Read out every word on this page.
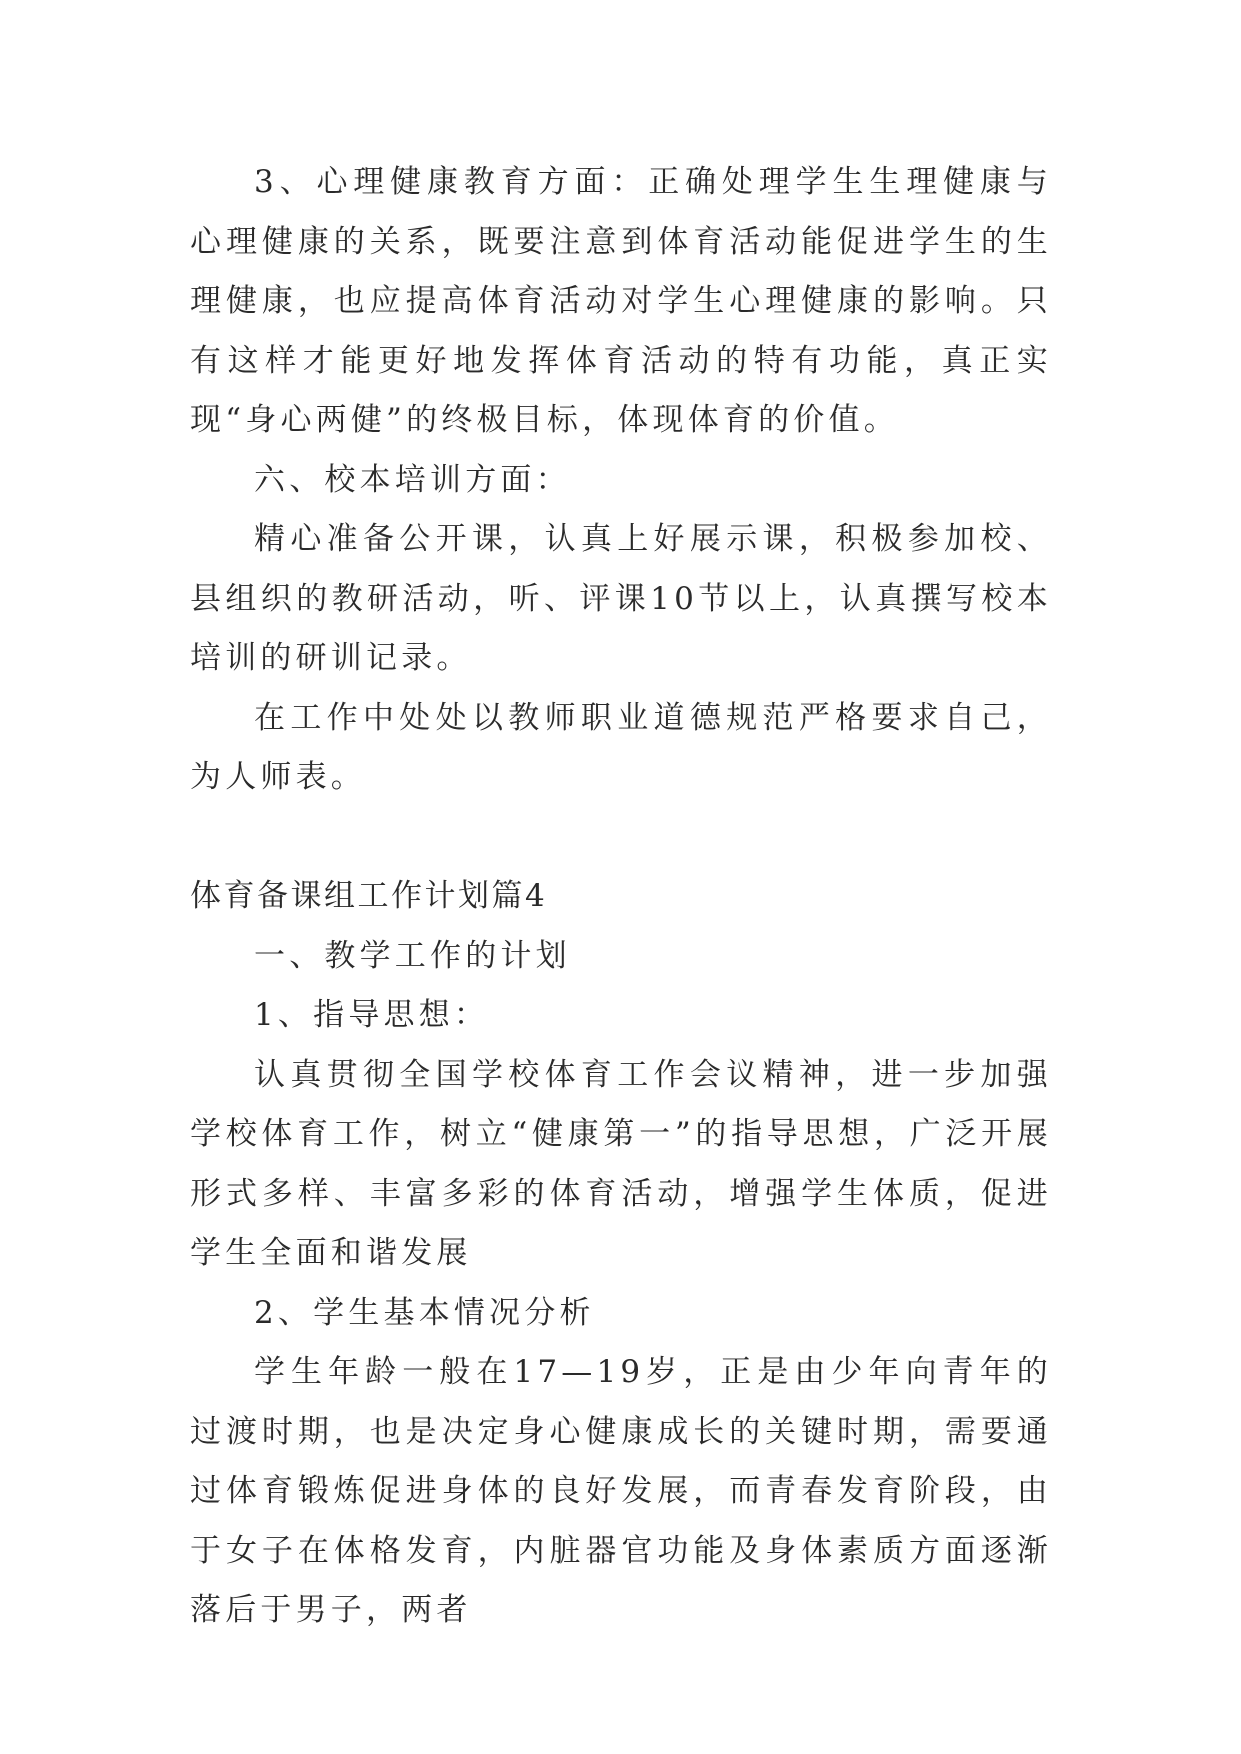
3、心理健康教育方面：正确处理学生生理健康与心理健康的关系，既要注意到体育活动能促进学生的生理健康，也应提高体育活动对学生心理健康的影响。只有这样才能更好地发挥体育活动的特有功能，真正实现“身心两健”的终极目标，体现体育的价值。

六、校本培训方面：

精心准备公开课，认真上好展示课，积极参加校、县组织的教研活动，听、评课10节以上，认真撰写校本培训的研训记录。

在工作中处处以教师职业道德规范严格要求自己，为人师表。

体育备课组工作计划篇4

一、教学工作的计划

1、指导思想：

认真贯彻全国学校体育工作会议精神，进一步加强学校体育工作，树立“健康第一”的指导思想，广泛开展形式多样、丰富多彩的体育活动，增强学生体质，促进学生全面和谐发展

2、学生基本情况分析

学生年龄一般在17—19岁，正是由少年向青年的过渡时期，也是决定身心健康成长的关键时期，需要通过体育锻炼促进身体的良好发展，而青春发育阶段，由于女子在体格发育，内脏器官功能及身体素质方面逐渐落后于男子，两者
